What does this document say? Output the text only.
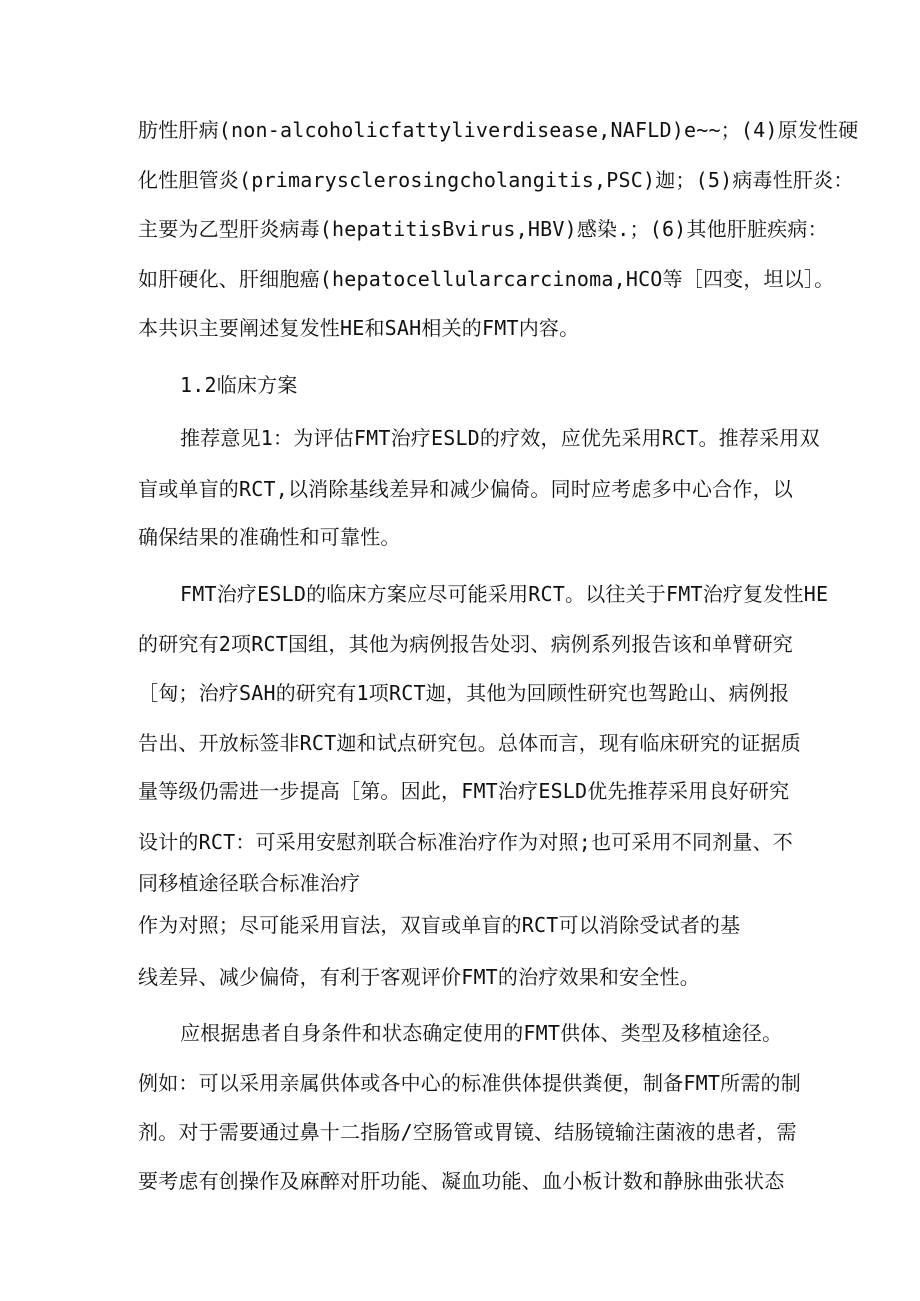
肪性肝病(non-alcoholicfattyliverdisease,NAFLD)e~~；(4)原发性硬
化性胆管炎(primarysclerosingcholangitis,PSC)迦；(5)病毒性肝炎：
主要为乙型肝炎病毒(hepatitisBvirus,HBV)感染.；(6)其他肝脏疾病：
如肝硬化、肝细胞癌(hepatocellularcarcinoma,HCO等［四变，坦以］。
本共识主要阐述复发性HE和SAH相关的FMT内容。
1.2临床方案
推荐意见1：为评估FMT治疗ESLD的疗效，应优先采用RCT。推荐采用双
盲或单盲的RCT,以消除基线差异和减少偏倚。同时应考虑多中心合作，以
确保结果的准确性和可靠性。
FMT治疗ESLD的临床方案应尽可能采用RCT。以往关于FMT治疗复发性HE
的研究有2项RCT国组，其他为病例报告处羽、病例系列报告该和单臂研究
［匈；治疗SAH的研究有1项RCT迦，其他为回顾性研究也驾跄山、病例报
告出、开放标签非RCT迦和试点研究包。总体而言，现有临床研究的证据质
量等级仍需进一步提高［第。因此，FMT治疗ESLD优先推荐采用良好研究
设计的RCT：可采用安慰剂联合标准治疗作为对照;也可采用不同剂量、不
同移植途径联合标准治疗
作为对照；尽可能采用盲法，双盲或单盲的RCT可以消除受试者的基
线差异、减少偏倚，有利于客观评价FMT的治疗效果和安全性。
应根据患者自身条件和状态确定使用的FMT供体、类型及移植途径。
例如：可以采用亲属供体或各中心的标准供体提供粪便，制备FMT所需的制
剂。对于需要通过鼻十二指肠/空肠管或胃镜、结肠镜输注菌液的患者，需
要考虑有创操作及麻醉对肝功能、凝血功能、血小板计数和静脉曲张状态
